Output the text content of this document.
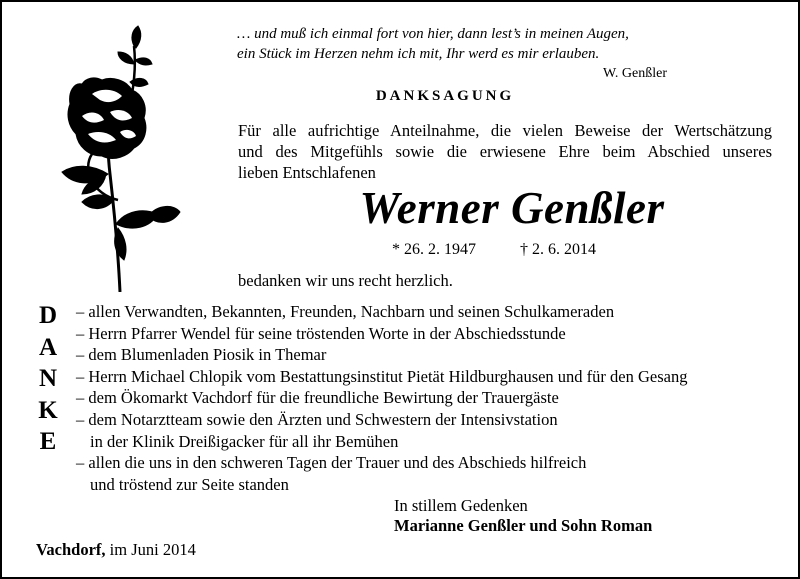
… und muß ich einmal fort von hier, dann lest’s in meinen Augen,
ein Stück im Herzen nehm ich mit, Ihr werd es mir erlauben.
W. Genßler
DANKSAGUNG
Für alle aufrichtige Anteilnahme, die vielen Beweise der Wertschätzung
und des Mitgefühls sowie die erwiesene Ehre beim Abschied unseres
lieben Entschlafenen
Werner Genßler
* 26. 2. 1947	† 2. 6. 2014
bedanken wir uns recht herzlich.
D
A
N
K
E
– allen Verwandten, Bekannten, Freunden, Nachbarn und seinen Schulkameraden
– Herrn Pfarrer Wendel für seine tröstenden Worte in der Abschiedsstunde
– dem Blumenladen Piosik in Themar
– Herrn Michael Chlopik vom Bestattungsinstitut Pietät Hildburghausen und für den Gesang
– dem Ökomarkt Vachdorf für die freundliche Bewirtung der Trauergäste
– dem Notarztteam sowie den Ärzten und Schwestern der Intensivstation
in der Klinik Dreißigacker für all ihr Bemühen
– allen die uns in den schweren Tagen der Trauer und des Abschieds hilfreich
und tröstend zur Seite standen
In stillem Gedenken
Marianne Genßler und Sohn Roman
Vachdorf, im Juni 2014
